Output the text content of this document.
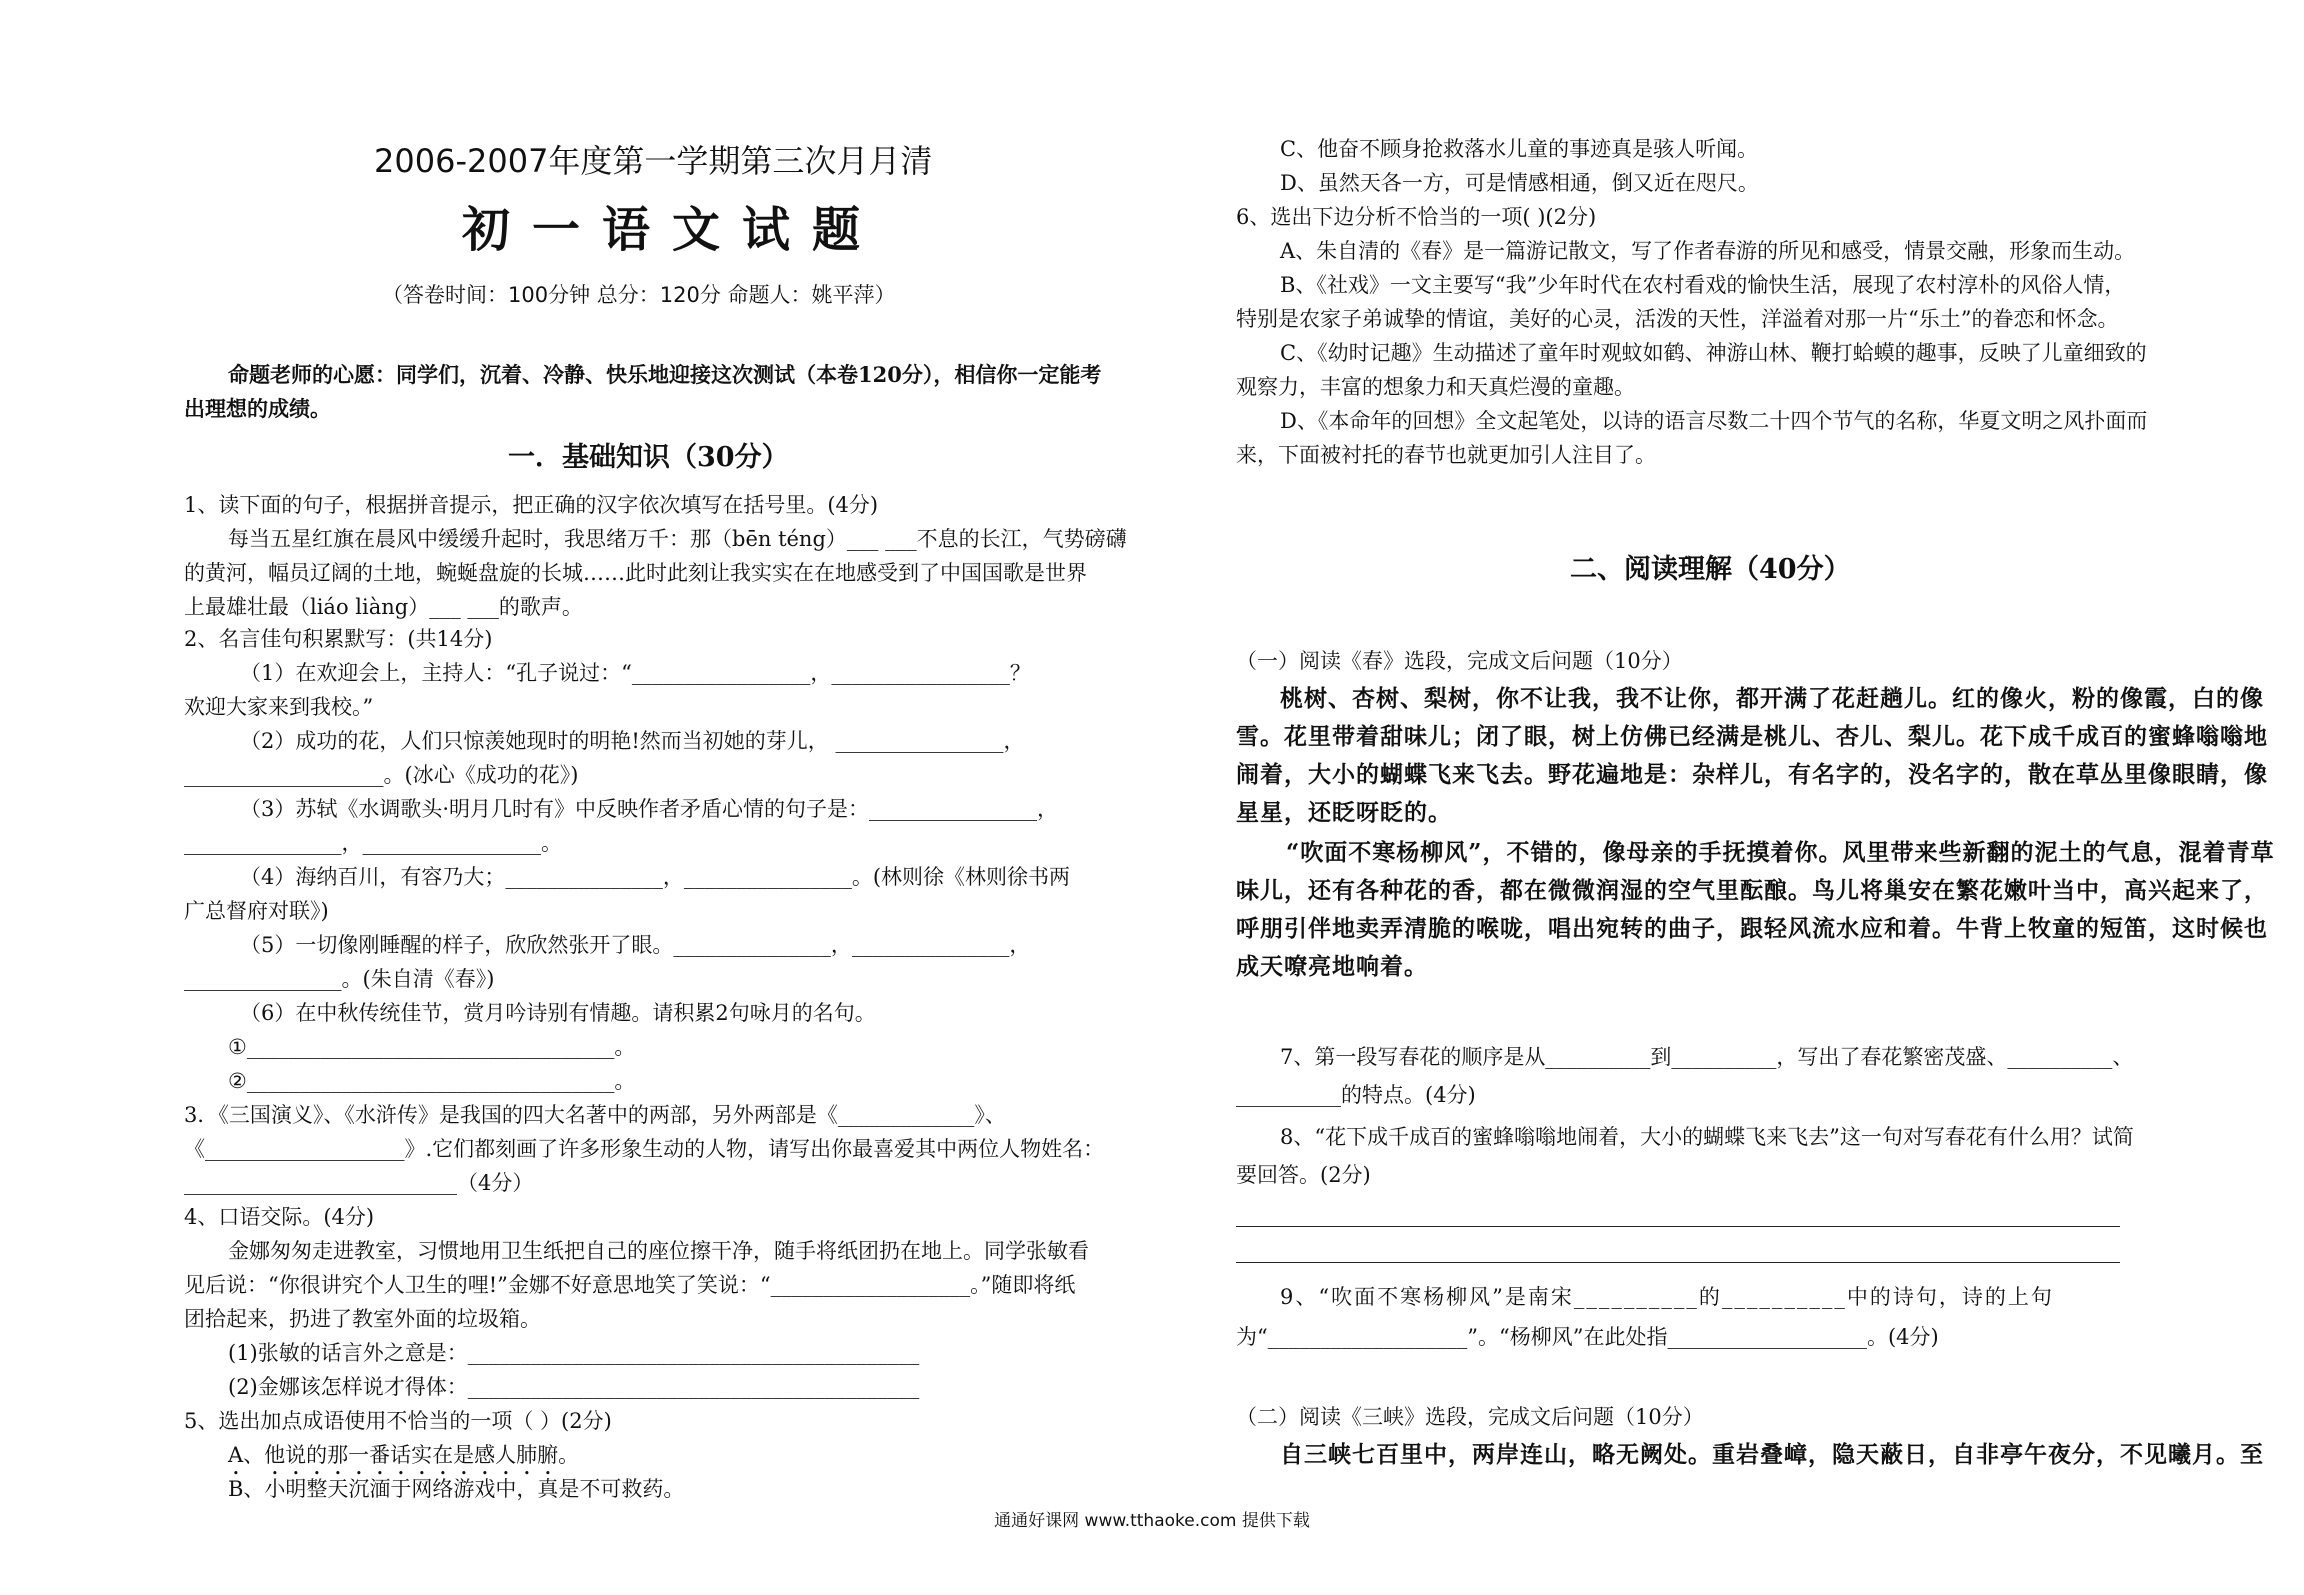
2006-2007年度第一学期第三次月月清
初一语文试题
（答卷时间：100分钟 总分：120分 命题人：姚平萍）
命题老师的心愿：同学们，沉着、冷静、快乐地迎接这次测试（本卷120分），相信你一定能考
出理想的成绩。
一．基础知识（30分）
1、读下面的句子，根据拼音提示，把正确的汉字依次填写在括号里。(4分)
每当五星红旗在晨风中缓缓升起时，我思绪万千：那（bēn téng）___ ___不息的长江，气势磅礴
的黄河，幅员辽阔的土地，蜿蜒盘旋的长城……此时此刻让我实实在在地感受到了中国国歌是世界
上最雄壮最（liáo liàng）___ ___的歌声。
2、名言佳句积累默写：(共14分)
（1）在欢迎会上，主持人：“孔子说过：“_________________，_________________？
欢迎大家来到我校。”
（2）成功的花，人们只惊羡她现时的明艳!然而当初她的芽儿， ________________，
___________________。(冰心《成功的花》)
（3）苏轼《水调歌头·明月几时有》中反映作者矛盾心情的句子是：________________，
_______________，_________________。
（4）海纳百川，有容乃大；_______________，________________。(林则徐《林则徐书两
广总督府对联》)
（5）一切像刚睡醒的样子，欣欣然张开了眼。_______________，_______________，
_______________。(朱自清《春》)
（6）在中秋传统佳节，赏月吟诗别有情趣。请积累2句咏月的名句。
①___________________________________。
②___________________________________。
3．《三国演义》、《水浒传》是我国的四大名著中的两部，另外两部是《_____________》、
《___________________》.它们都刻画了许多形象生动的人物，请写出你最喜爱其中两位人物姓名：
__________________________（4分）
4、口语交际。(4分)
金娜匆匆走进教室，习惯地用卫生纸把自己的座位擦干净，随手将纸团扔在地上。同学张敏看
见后说：“你很讲究个人卫生的哩!”金娜不好意思地笑了笑说：“___________________。”随即将纸
团拾起来，扔进了教室外面的垃圾箱。
(1)张敏的话言外之意是：___________________________________________
(2)金娜该怎样说才得体：___________________________________________
5、选出加点成语使用不恰当的一项（ ）(2分)
A、他说的那一番话实在是感人肺腑。
B、小明整天沉湎于网络游戏中，真是不可救药。
C、他奋不顾身抢救落水儿童的事迹真是骇人听闻。
D、虽然天各一方，可是情感相通，倒又近在咫尺。
6、选出下边分析不恰当的一项( )(2分)
A、朱自清的《春》是一篇游记散文，写了作者春游的所见和感受，情景交融，形象而生动。
B、《社戏》一文主要写“我”少年时代在农村看戏的愉快生活，展现了农村淳朴的风俗人情，
特别是农家子弟诚挚的情谊，美好的心灵，活泼的天性，洋溢着对那一片“乐土”的眷恋和怀念。
C、《幼时记趣》生动描述了童年时观蚊如鹤、神游山林、鞭打蛤蟆的趣事，反映了儿童细致的
观察力，丰富的想象力和天真烂漫的童趣。
D、《本命年的回想》全文起笔处，以诗的语言尽数二十四个节气的名称，华夏文明之风扑面而
来，下面被衬托的春节也就更加引人注目了。
二、阅读理解（40分）
（一）阅读《春》选段，完成文后问题（10分）
桃树、杏树、梨树，你不让我，我不让你，都开满了花赶趟儿。红的像火，粉的像霞，白的像
雪。花里带着甜味儿；闭了眼，树上仿佛已经满是桃儿、杏儿、梨儿。花下成千成百的蜜蜂嗡嗡地
闹着，大小的蝴蝶飞来飞去。野花遍地是：杂样儿，有名字的，没名字的，散在草丛里像眼睛，像
星星，还眨呀眨的。
“吹面不寒杨柳风”，不错的，像母亲的手抚摸着你。风里带来些新翻的泥土的气息，混着青草
味儿，还有各种花的香，都在微微润湿的空气里酝酿。鸟儿将巢安在繁花嫩叶当中，高兴起来了，
呼朋引伴地卖弄清脆的喉咙，唱出宛转的曲子，跟轻风流水应和着。牛背上牧童的短笛，这时候也
成天嘹亮地响着。
7、第一段写春花的顺序是从__________到__________，写出了春花繁密茂盛、__________、
__________的特点。(4分)
8、“花下成千成百的蜜蜂嗡嗡地闹着，大小的蝴蝶飞来飞去”这一句对写春花有什么用？试简
要回答。(2分)
9、“吹面不寒杨柳风”是南宋__________的__________中的诗句，诗的上句
为“___________________”。“杨柳风”在此处指___________________。(4分)
（二）阅读《三峡》选段，完成文后问题（10分）
自三峡七百里中，两岸连山，略无阙处。重岩叠嶂，隐天蔽日，自非亭午夜分，不见曦月。至
通通好课网 www.tthaoke.com 提供下载
